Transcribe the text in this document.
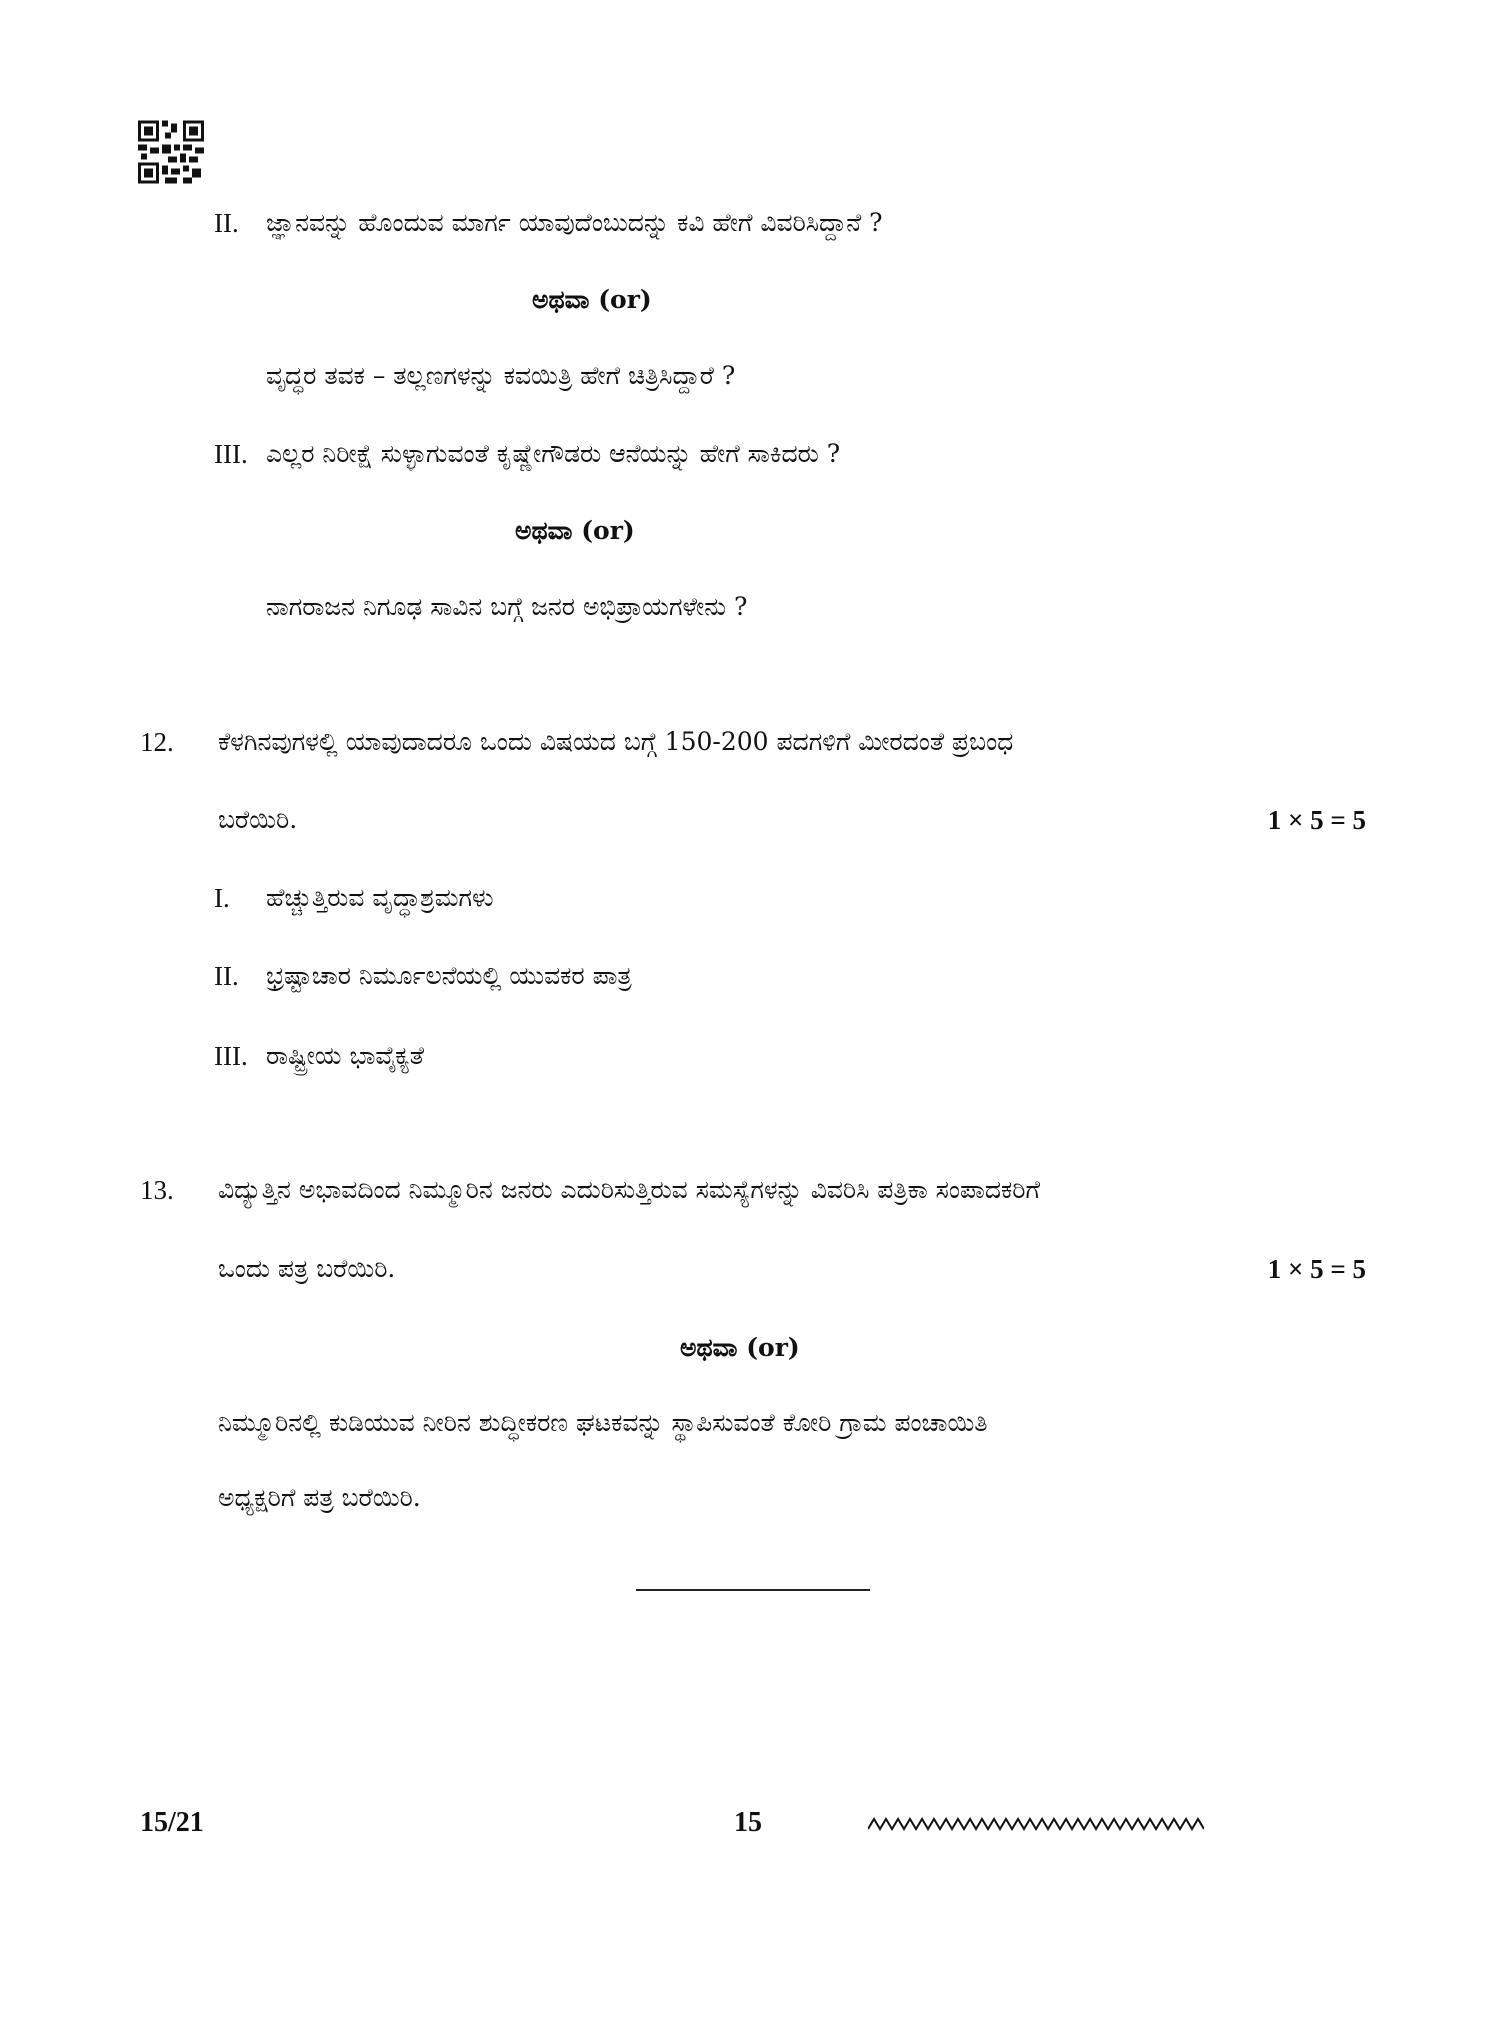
II. ಜ್ಞಾನವನ್ನು ಹೊಂದುವ ಮಾರ್ಗ ಯಾವುದೆಂಬುದನ್ನು ಕವಿ ಹೇಗೆ ವಿವರಿಸಿದ್ದಾನೆ ?
ಅಥವಾ (or)
ವೃದ್ಧರ ತವಕ – ತಲ್ಲಣಗಳನ್ನು ಕವಯಿತ್ರಿ ಹೇಗೆ ಚಿತ್ರಿಸಿದ್ದಾರೆ ?
III. ಎಲ್ಲರ ನಿರೀಕ್ಷೆ ಸುಳ್ಳಾಗುವಂತೆ ಕೃಷ್ಣೇಗೌಡರು ಆನೆಯನ್ನು ಹೇಗೆ ಸಾಕಿದರು ?
ಅಥವಾ (or)
ನಾಗರಾಜನ ನಿಗೂಢ ಸಾವಿನ ಬಗ್ಗೆ ಜನರ ಅಭಿಪ್ರಾಯಗಳೇನು ?
12. ಕೆಳಗಿನವುಗಳಲ್ಲಿ ಯಾವುದಾದರೂ ಒಂದು ವಿಷಯದ ಬಗ್ಗೆ 150-200 ಪದಗಳಿಗೆ ಮೀರದಂತೆ ಪ್ರಬಂಧ
ಬರೆಯಿರಿ.	1 × 5 = 5
I. ಹೆಚ್ಚುತ್ತಿರುವ ವೃದ್ಧಾಶ್ರಮಗಳು
II. ಭ್ರಷ್ಟಾಚಾರ ನಿರ್ಮೂಲನೆಯಲ್ಲಿ ಯುವಕರ ಪಾತ್ರ
III. ರಾಷ್ಟ್ರೀಯ ಭಾವೈಕ್ಯತೆ
13. ವಿದ್ಯುತ್ತಿನ ಅಭಾವದಿಂದ ನಿಮ್ಮೂರಿನ ಜನರು ಎದುರಿಸುತ್ತಿರುವ ಸಮಸ್ಯೆಗಳನ್ನು ವಿವರಿಸಿ ಪತ್ರಿಕಾ ಸಂಪಾದಕರಿಗೆ
ಒಂದು ಪತ್ರ ಬರೆಯಿರಿ.	1 × 5 = 5
ಅಥವಾ (or)
ನಿಮ್ಮೂರಿನಲ್ಲಿ ಕುಡಿಯುವ ನೀರಿನ ಶುದ್ಧೀಕರಣ ಘಟಕವನ್ನು ಸ್ಥಾಪಿಸುವಂತೆ ಕೋರಿ ಗ್ರಾಮ ಪಂಚಾಯಿತಿ
ಅಧ್ಯಕ್ಷರಿಗೆ ಪತ್ರ ಬರೆಯಿರಿ.
15/21	15
